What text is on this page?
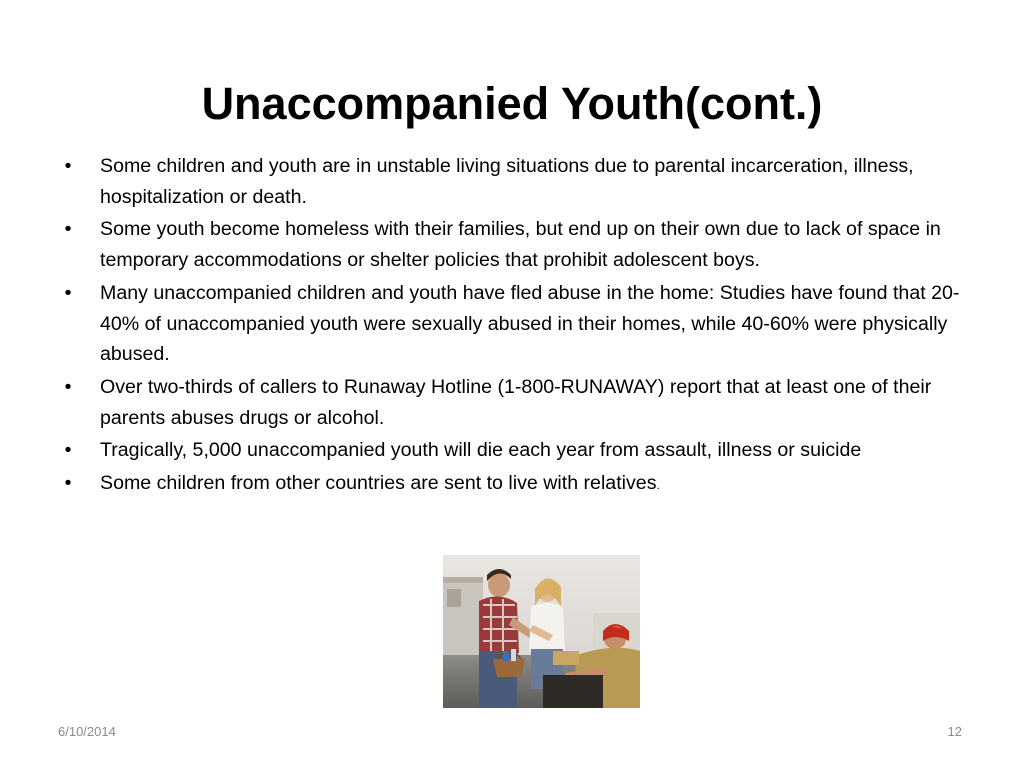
Unaccompanied Youth(cont.)
•	Some children and youth are in unstable living situations due to parental incarceration, illness, hospitalization or death.
•	Some youth become homeless with their families, but end up on their own due to lack of space in temporary accommodations or shelter policies that prohibit adolescent boys.
•	Many unaccompanied children and youth have fled abuse in the home: Studies have found that 20-40% of unaccompanied youth were sexually abused in their homes, while 40-60% were physically abused.
•	Over two-thirds of callers to Runaway Hotline (1-800-RUNAWAY) report that at least one of their parents abuses drugs or alcohol.
•	Tragically, 5,000 unaccompanied youth will die each year from assault, illness or suicide
•	Some children from other countries are sent to live with relatives.
6/10/2014	12
